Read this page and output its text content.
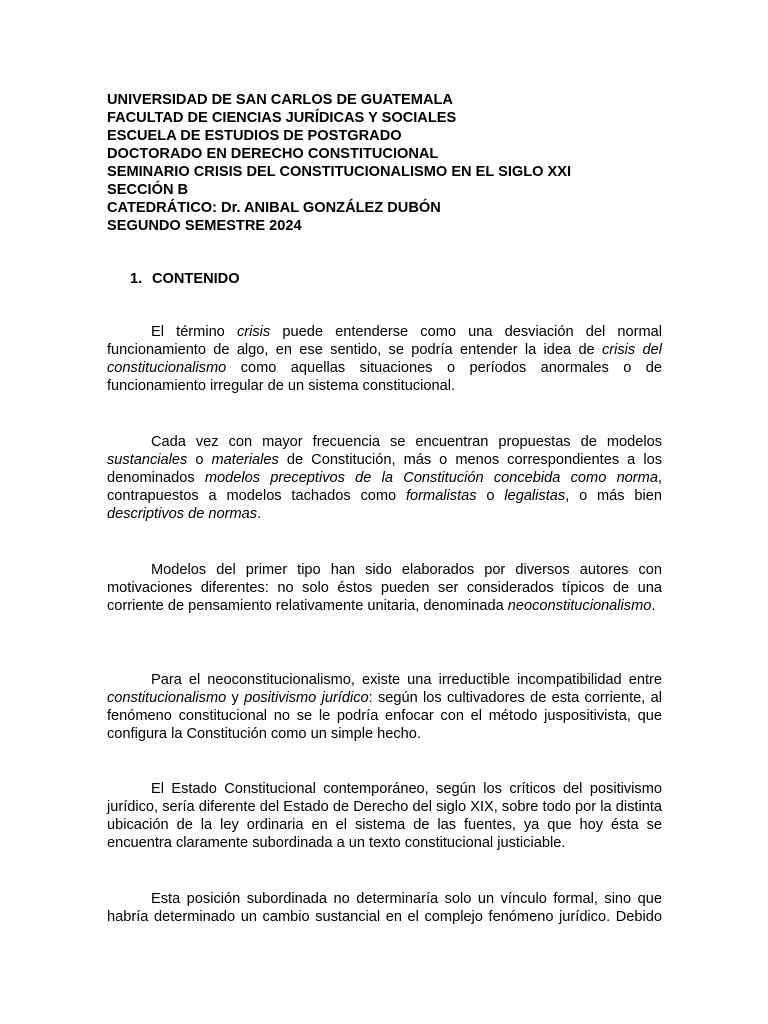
UNIVERSIDAD DE SAN CARLOS DE GUATEMALA
FACULTAD DE CIENCIAS JURÍDICAS Y SOCIALES
ESCUELA DE ESTUDIOS DE POSTGRADO
DOCTORADO EN DERECHO CONSTITUCIONAL
SEMINARIO CRISIS DEL CONSTITUCIONALISMO EN EL SIGLO XXI
SECCIÓN B
CATEDRÁTICO: Dr. ANIBAL GONZÁLEZ DUBÓN
SEGUNDO SEMESTRE 2024
1. CONTENIDO
El término crisis puede entenderse como una desviación del normal funcionamiento de algo, en ese sentido, se podría entender la idea de crisis del constitucionalismo como aquellas situaciones o períodos anormales o de funcionamiento irregular de un sistema constitucional.
Cada vez con mayor frecuencia se encuentran propuestas de modelos sustanciales o materiales de Constitución, más o menos correspondientes a los denominados modelos preceptivos de la Constitución concebida como norma, contrapuestos a modelos tachados como formalistas o legalistas, o más bien descriptivos de normas.
Modelos del primer tipo han sido elaborados por diversos autores con motivaciones diferentes: no solo éstos pueden ser considerados típicos de una corriente de pensamiento relativamente unitaria, denominada neoconstitucionalismo.
Para el neoconstitucionalismo, existe una irreductible incompatibilidad entre constitucionalismo y positivismo jurídico: según los cultivadores de esta corriente, al fenómeno constitucional no se le podría enfocar con el método juspositivista, que configura la Constitución como un simple hecho.
El Estado Constitucional contemporáneo, según los críticos del positivismo jurídico, sería diferente del Estado de Derecho del siglo XIX, sobre todo por la distinta ubicación de la ley ordinaria en el sistema de las fuentes, ya que hoy ésta se encuentra claramente subordinada a un texto constitucional justiciable.
Esta posición subordinada no determinaría solo un vínculo formal, sino que habría determinado un cambio sustancial en el complejo fenómeno jurídico. Debido
